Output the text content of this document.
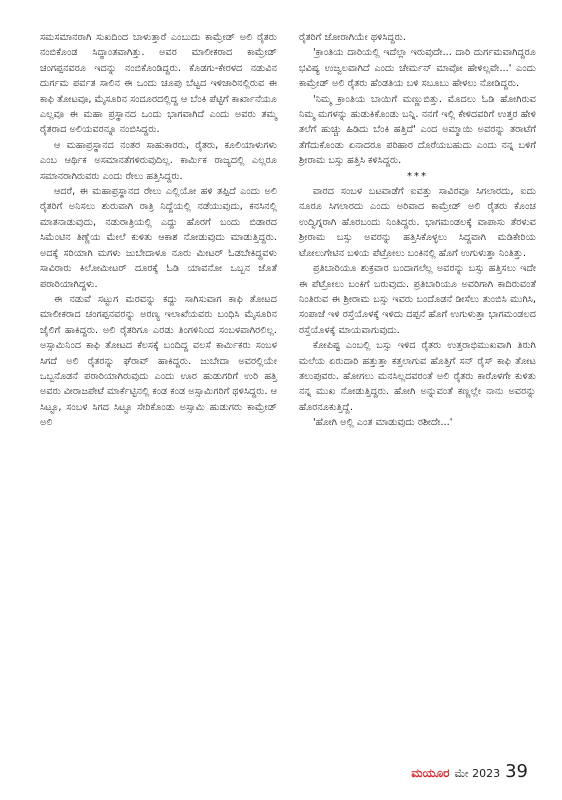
ಸಮಸಮಾನರಾಗಿ ಸುಖದಿಂದ ಬಾಳುತ್ತಾರೆ ಎಂಬುದು ಕಾಮ್ರೇಡ್ ಅಲಿ ರೈತರು ನಂಬಿಕೊಂಡ ಸಿದ್ಧಾಂತವಾಗಿತ್ತು. ಅವರ ಮಾಲೀಕರಾದ ಕಾಮ್ರೇಡ್ ಚಂಗಪ್ಪನವರೂ ಇದನ್ನು ನಂಬಿಕೊಂಡಿದ್ದರು. ಕೊಡಗು-ಕೇರಳದ ನಡುವಿನ ದುರ್ಗಮ ಪರ್ವತ ಸಾಲಿನ ಈ ಒಂದು ಚೂಪು ಬೆಟ್ಟದ ಇಳಿಜಾರಿನಲ್ಲಿರುವ ಈ ಕಾಫಿ ತೋಟವೂ, ಮೈಸೂರಿನ ಸಂದೂರದಲ್ಲಿದ್ದ ಆ ಬೆಂಕಿ ಪೆಟ್ಟಿಗೆ ಕಾರ್ಖಾನೆಯೂ ಎಲ್ಲವೂ ಈ ಮಹಾ ಪ್ರಸ್ಥಾನದ ಒಂದು ಭಾಗವಾಗಿದೆ ಎಂದು ಅವರು ತಮ್ಮ ರೈತರಾದ ಅಲಿಯವರನ್ನೂ ನಂಬಿಸಿದ್ದರು.

ಆ ಮಹಾಪ್ರಸ್ಥಾನದ ನಂತರ ಸಾಹುಕಾರರು, ರೈತರು, ಕೂಲಿಯಾಳುಗಳು ಎಂಬ ಆರ್ಥಿಕ ಅಸಮಾನತೆಗಳಿರುವುದಿಲ್ಲ. ಕಾರ್ಮಿಕ ರಾಜ್ಯದಲ್ಲಿ ಎಲ್ಲರೂ ಸಮಾನರಾಗಿರುವರು ಎಂದು ರೇಲು ಹತ್ತಿಸಿದ್ದರು.

ಆದರೆ, ಈ ಮಹಾಪ್ರಸ್ಥಾನದ ರೇಲು ಎಲ್ಲಿಯೋ ಹಳಿ ತಪ್ಪಿದೆ ಎಂದು ಅಲಿ ರೈತರಿಗೆ ಅನಿಸಲು ಶುರುವಾಗಿ ರಾತ್ರಿ ನಿದ್ದೆಯಲ್ಲಿ ನಡೆಯುವುದು, ಕನಸಿನಲ್ಲಿ ಮಾತನಾಡುವುದು, ನಡುರಾತ್ರಿಯಲ್ಲಿ ಎದ್ದು ಹೊರಗೆ ಬಂದು ಬಿಡಾರದ ಸಿಮೆಂಟಿನ ತಿಣ್ಣೆಯ ಮೇಲೆ ಕುಳಿತು ಆಕಾಶ ನೋಡುವುದು ಮಾಡುತ್ತಿದ್ದರು. ಅದಕ್ಕೆ ಸರಿಯಾಗಿ ಮಗಳು ಜುಬೇದಾಳೂ ನೂರು ಮೀಟರ್ ಓಡಬೇಕಿದ್ದವಳು ಸಾವಿರಾರು ಕಿಲೋಮೀಟರ್ ದೂರಕ್ಕೆ ಓಡಿ ಯಾವನೋ ಒಬ್ಬನ ಜೊತೆ ಪರಾರಿಯಾಗಿದ್ದಳು.

ಈ ನಡುವೆ ಸಟ್ಟುಗ ಮರವನ್ನು ಕದ್ದು ಸಾಗಿಸುವಾಗ ಕಾಫಿ ತೋಟದ ಮಾಲೀಕರಾದ ಚಂಗಪ್ಪನವರನ್ನು ಅರಣ್ಯ ಇಲಾಖೆಯವರು ಬಂಧಿಸಿ ಮೈಸೂರಿನ ಜೈಲಿಗೆ ಹಾಕಿದ್ದರು. ಅಲಿ ರೈತರಿಗೂ ಎರಡು ತಿಂಗಳಿನಿಂದ ಸಂಬಳವಾಗಿರಲಿಲ್ಲ. ಅಸ್ಸಾಮಿನಿಂದ ಕಾಫಿ ತೋಟದ ಕೆಲಸಕ್ಕೆ ಬಂದಿದ್ದ ವಲಸೆ ಕಾರ್ಮಿಕರು ಸಂಬಳ ಸಿಗದೆ ಅಲಿ ರೈತರನ್ನು ಘೆರಾವ್ ಹಾಕಿದ್ದರು. ಜುಬೇದಾ ಅವರಲ್ಲಿಯೇ ಒಬ್ಬನೊಡನೆ ಪರಾರಿಯಾಗಿರುವುದು ಎಂದು ಊರ ಹುಡುಗರಿಗೆ ಉರಿ ಹತ್ತಿ ಅವರು ವೀರಾಜಪೇಟೆ ಮಾರ್ಕೆಟ್ಟಿನಲ್ಲಿ ಕಂಡ ಕಂಡ ಅಸ್ಸಾಮಿಗರಿಗೆ ಥಳಿಸಿದ್ದರು. ಆ ಸಿಟ್ಟೂ, ಸಂಬಳ ಸಿಗದ ಸಿಟ್ಟೂ ಸೇರಿಕೊಂಡು ಅಸ್ಸಾಮಿ ಹುಡುಗರು ಕಾಮ್ರೇಡ್ ಅಲಿ

ರೈತರಿಗೆ ಜೋರಾಗಿಯೇ ಥಳಿಸಿದ್ದರು.

'ಕ್ರಾಂತಿಯ ದಾರಿಯಲ್ಲಿ ಇದೆಲ್ಲಾ ಇರುವುದೇ... ದಾರಿ ದುರ್ಗಮವಾಗಿದ್ದರೂ ಭವಿಷ್ಯ ಉಜ್ವಲವಾಗಿದೆ ಎಂದು ಚೇರ್ಮನ್ ಮಾವೋ ಹೇಳಿಲ್ಲವೇ...' ಎಂದು ಕಾಮ್ರೇಡ್ ಅಲಿ ರೈತರು ಹೆಂಡತಿಯ ಬಳಿ ಸಬೂಬು ಹೇಳಲು ನೋಡಿದ್ದರು.

'ನಿಮ್ಮ ಕ್ರಾಂತಿಯ ಬಾಯಿಗೆ ಮಣ್ಣುಬಿತ್ತು. ಮೊದಲು ಓಡಿ ಹೋಗಿರುವ ನಿಮ್ಮ ಮಗಳನ್ನು ಹುಡುಕಿಕೊಂಡು ಬನ್ನಿ. ನನಗೆ ಇಲ್ಲಿ ಕೇಳಿದವರಿಗೆ ಉತ್ತರ ಹೇಳಿ ತಲೆಗೆ ಹುಚ್ಚು ಹಿಡಿದು ಬೆಂಕಿ ಹತ್ತಿದೆ' ಎಂದ ಅಮ್ಮಾಯಿ ಅವರನ್ನು ತರಾಟೆಗೆ ತೆಗೆದುಕೊಂಡು ಏನಾದರೂ ಪರಿಹಾರ ದೊರೆಯಬಹುದು ಎಂದು ನನ್ನ ಬಳಿಗೆ ಶ್ರೀರಾಮ ಬಸ್ಸು ಹತ್ತಿಸಿ ಕಳಿಸಿದ್ದರು.

***

ವಾರದ ಸಂಬಳ ಬಟವಾಡೆಗೆ ಐವತ್ತು ಸಾವಿರವೂ ಸಿಗಲಾರದು, ಐದು ನೂರೂ ಸಿಗಲಾರದು ಎಂದು ಅರಿವಾದ ಕಾಮ್ರೇಡ್ ಅಲಿ ರೈತರು ಕೊಂಚ ಉದ್ವಿಗ್ನರಾಗಿ ಹೊರಬಂದು ನಿಂತಿದ್ದರು. ಭಾಗಮಂಡಲಕ್ಕೆ ವಾಪಾಸು ತೆರಳುವ ಶ್ರೀರಾಮ ಬಸ್ಸು ಅವರನ್ನು ಹತ್ತಿಸಿಕೊಳ್ಳಲು ಸಿದ್ದವಾಗಿ ಮಡಿಕೇರಿಯ ಟೋಲುಗೇಟಿನ ಬಳಿಯ ಪೆಟ್ರೋಲು ಬಂಕಿನಲ್ಲಿ ಹೊಗೆ ಉಗುಳುತ್ತಾ ನಿಂತಿತ್ತು.

ಪ್ರತಿಬಾರಿಯೂ ಶುಕ್ರವಾರ ಬಂದಾಗಲೆಲ್ಲ ಅವರನ್ನು ಬಸ್ಸು ಹತ್ತಿಸಲು ಇದೇ ಈ ಪೆಟ್ರೋಲು ಬಂಕಿಗೆ ಬರುವುದು. ಪ್ರತಿಬಾರಿಯೂ ಅವರಿಗಾಗಿ ಕಾದಿರುವಂತೆ ನಿಂತಿರುವ ಈ ಶ್ರೀರಾಮ ಬಸ್ಸು ಇವರು ಬಂದೊಡನೆ ಡೀಸೆಲು ತುಂಬಿಸಿ ಮುಗಿಸಿ, ಸಂಪಾಜೆ ಇಳಿ ರಸ್ತೆಯೊಳಕ್ಕೆ ಇಳಿದು ದಪ್ಪನೆ ಹೊಗೆ ಉಗುಳುತ್ತಾ ಭಾಗಮಂಡಲದ ರಸ್ತೆಯೊಳಕ್ಕೆ ಮಾಯವಾಗುವುದು.

ಕೋಪಿಷ್ಟ ಎಂಬಲ್ಲಿ ಬಸ್ಸು ಇಳಿದ ರೈತರು ಉತ್ತರಾಭಿಮುಖವಾಗಿ ತಿರುಗಿ ಮಲೆಯ ಏರುದಾರಿ ಹತ್ತುತ್ತಾ ಕತ್ತಲಾಗುವ ಹೊತ್ತಿಗೆ ಸನ್ ರೈಸ್ ಕಾಫಿ ತೋಟ ತಲುಪುವರು. ಹೋಗಲು ಮನಸಿಲ್ಲದವರಂತೆ ಅಲಿ ರೈತರು ಕಾರೊಳಗೇ ಕುಳಿತು ನನ್ನ ಮುಖ ನೋಡುತ್ತಿದ್ದರು. ಹೋಗಿ ಅನ್ನುವಂತೆ ಕಣ್ಣಲ್ಲೇ ನಾನು ಅವರನ್ನು ಹೊರನೂಕುತ್ತಿದ್ದೆ.

'ಹೋಗಿ ಅಲ್ಲಿ ಎಂತ ಮಾಡುವುದು ರಶೀದೇ...'

ಮಯೂರ ಮೇ 2023 39
